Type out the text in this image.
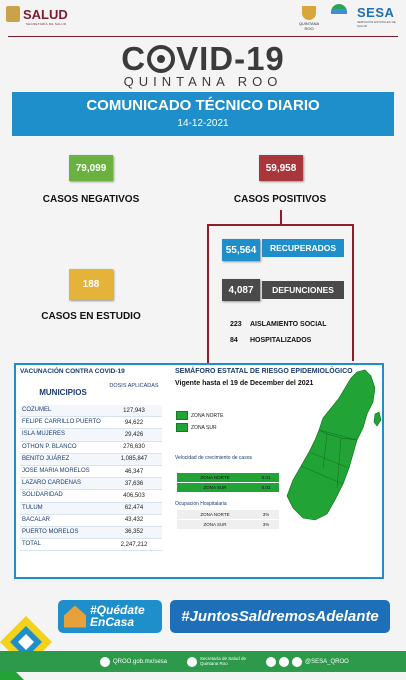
SALUD
SECRETARÍA DE SALUD	QUINTANA ROO
SESA
SERVICIOS ESTATALES DE SALUD
C VID-19
QUINTANA ROO
COMUNICADO TÉCNICO DIARIO
14-12-2021
79,099
CASOS NEGATIVOS
59,958
CASOS POSITIVOS
188
CASOS EN ESTUDIO
55,564	RECUPERADOS
4,087	DEFUNCIONES
223 AISLAMIENTO SOCIAL
84 HOSPITALIZADOS
VACUNACIÓN CONTRA COVID-19
MUNICIPIOS
DOSIS APLICADAS
COZUMEL	127,943
FELIPE CARRILLO PUERTO	94,622
ISLA MUJERES	29,426
OTHON P. BLANCO	276,630
BENITO JUÁREZ	1,085,847
JOSE MARIA MORELOS	46,347
LAZARO CARDENAS	37,636
SOLIDARIDAD	406,503
TULUM	62,474
BACALAR	43,432
PUERTO MORELOS	36,352
TOTAL	2,247,212
SEMÁFORO ESTATAL DE RIESGO EPIDEMIOLÓGICO
Vigente hasta el 19 de December del 2021
ZONA NORTE
ZONA SUR
Velocidad de crecimiento de casos
ZONA NORTE	0.01
ZONA SUR	0.01
Ocupación Hospitalaria
ZONA NORTE	3%
ZONA SUR	3%
#Quédate
EnCasa	#JuntosSaldremosAdelante
QROO.gob.mx/sesa
Secretaría de Salud de Quintana Roo	@SESA_QROO
